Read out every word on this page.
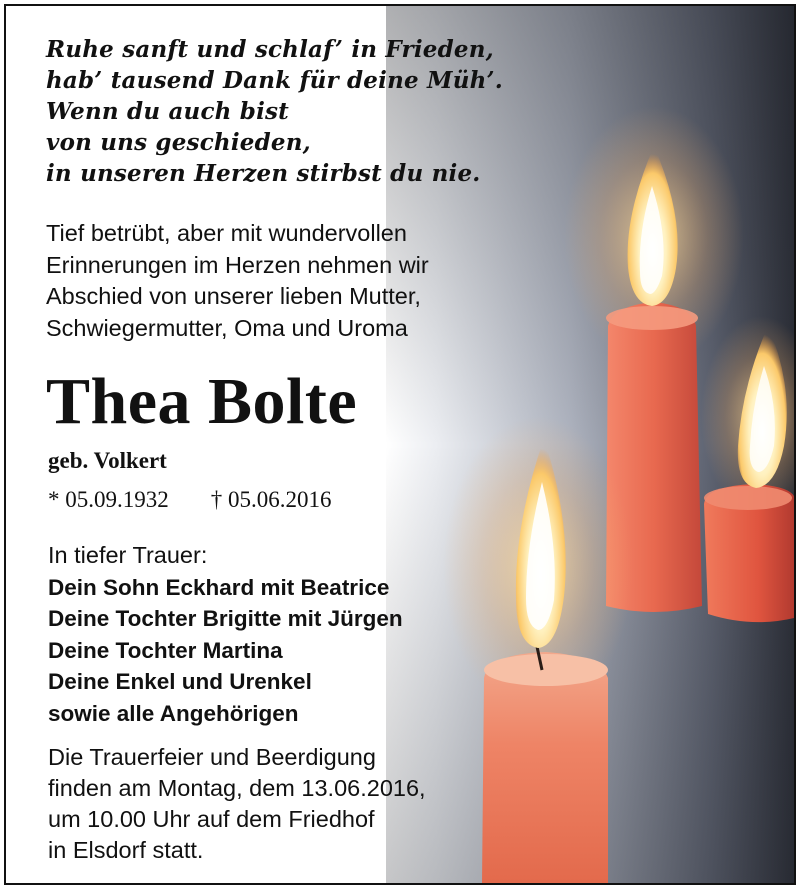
Ruhe sanft und schlaf’ in Frieden,
hab’ tausend Dank für deine Müh’.
Wenn du auch bist
von uns geschieden,
in unseren Herzen stirbst du nie.
Tief betrübt, aber mit wundervollen
Erinnerungen im Herzen nehmen wir
Abschied von unserer lieben Mutter,
Schwiegermutter, Oma und Uroma
Thea Bolte
geb. Volkert
* 05.09.1932 † 05.06.2016
In tiefer Trauer:
Dein Sohn Eckhard mit Beatrice
Deine Tochter Brigitte mit Jürgen
Deine Tochter Martina
Deine Enkel und Urenkel
sowie alle Angehörigen
Die Trauerfeier und Beerdigung
finden am Montag, dem 13.06.2016,
um 10.00 Uhr auf dem Friedhof
in Elsdorf statt.
